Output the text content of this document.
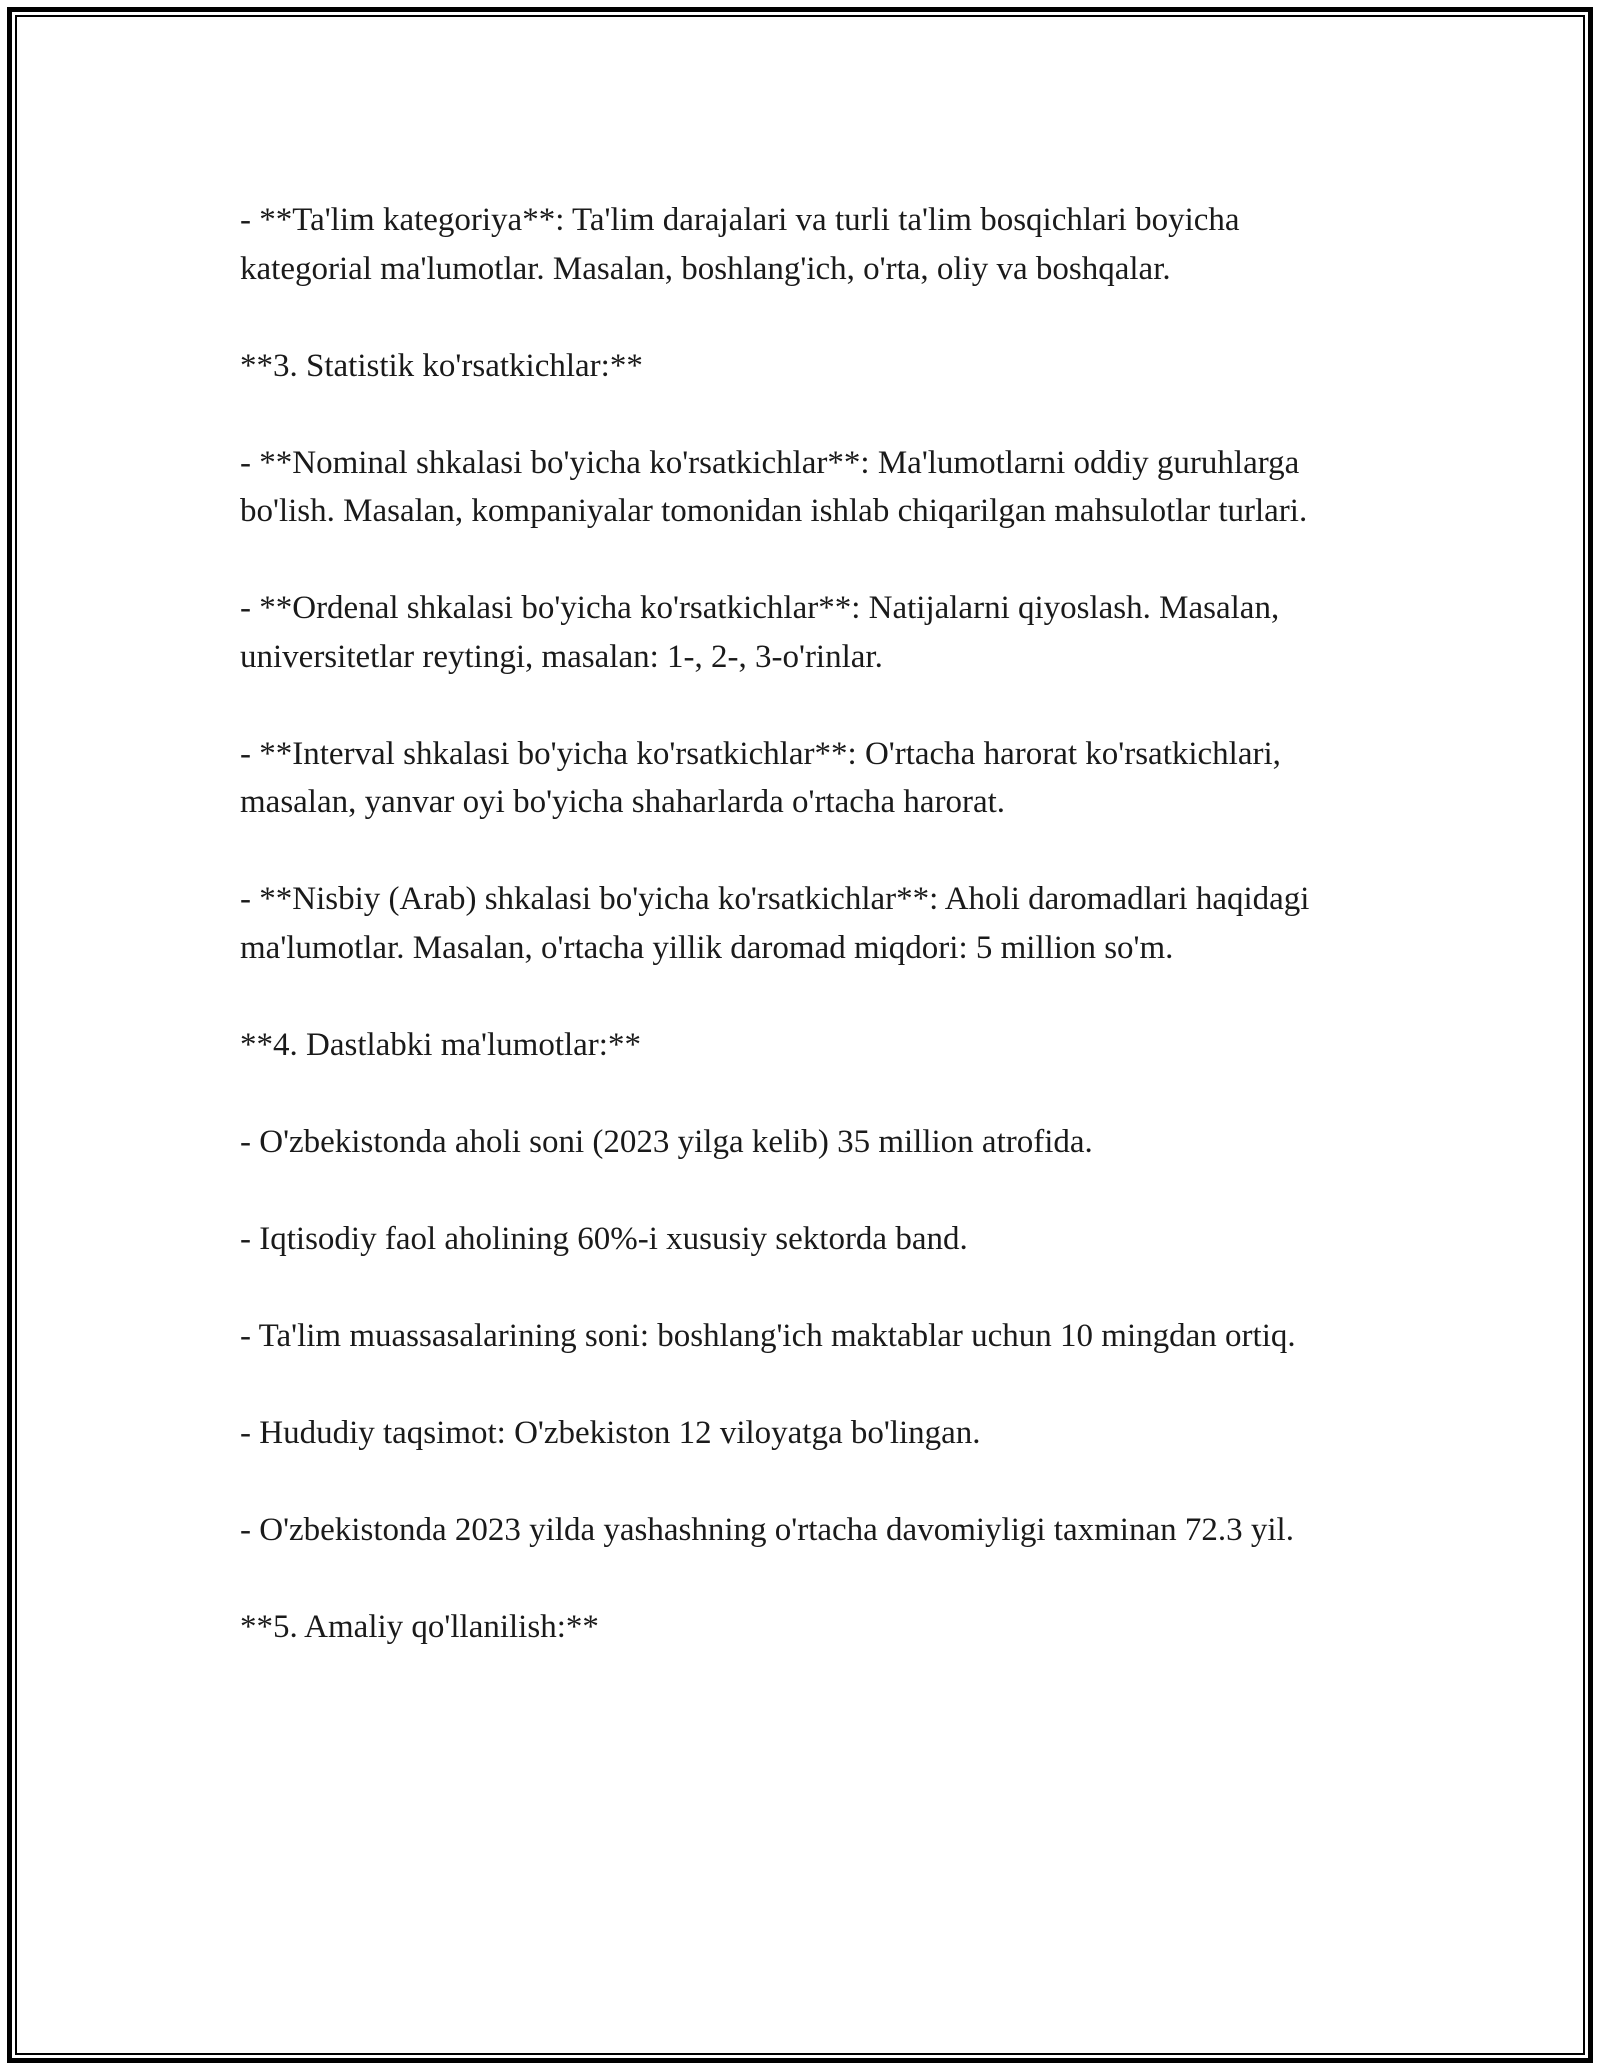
- **Ta'lim kategoriya**: Ta'lim darajalari va turli ta'lim bosqichlari boyicha kategorial ma'lumotlar. Masalan, boshlang'ich, o'rta, oliy va boshqalar.

**3. Statistik ko'rsatkichlar:**

- **Nominal shkalasi bo'yicha ko'rsatkichlar**: Ma'lumotlarni oddiy guruhlarga bo'lish. Masalan, kompaniyalar tomonidan ishlab chiqarilgan mahsulotlar turlari.

- **Ordenal shkalasi bo'yicha ko'rsatkichlar**: Natijalarni qiyoslash. Masalan, universitetlar reytingi, masalan: 1-, 2-, 3-o'rinlar.

- **Interval shkalasi bo'yicha ko'rsatkichlar**: O'rtacha harorat ko'rsatkichlari, masalan, yanvar oyi bo'yicha shaharlarda o'rtacha harorat.

- **Nisbiy (Arab) shkalasi bo'yicha ko'rsatkichlar**: Aholi daromadlari haqidagi ma'lumotlar. Masalan, o'rtacha yillik daromad miqdori: 5 million so'm.

**4. Dastlabki ma'lumotlar:**

- O'zbekistonda aholi soni (2023 yilga kelib) 35 million atrofida.

- Iqtisodiy faol aholining 60%-i xususiy sektorda band.

- Ta'lim muassasalarining soni: boshlang'ich maktablar uchun 10 mingdan ortiq.

- Hududiy taqsimot: O'zbekiston 12 viloyatga bo'lingan.

- O'zbekistonda 2023 yilda yashashning o'rtacha davomiyligi taxminan 72.3 yil.

**5. Amaliy qo'llanilish:**
